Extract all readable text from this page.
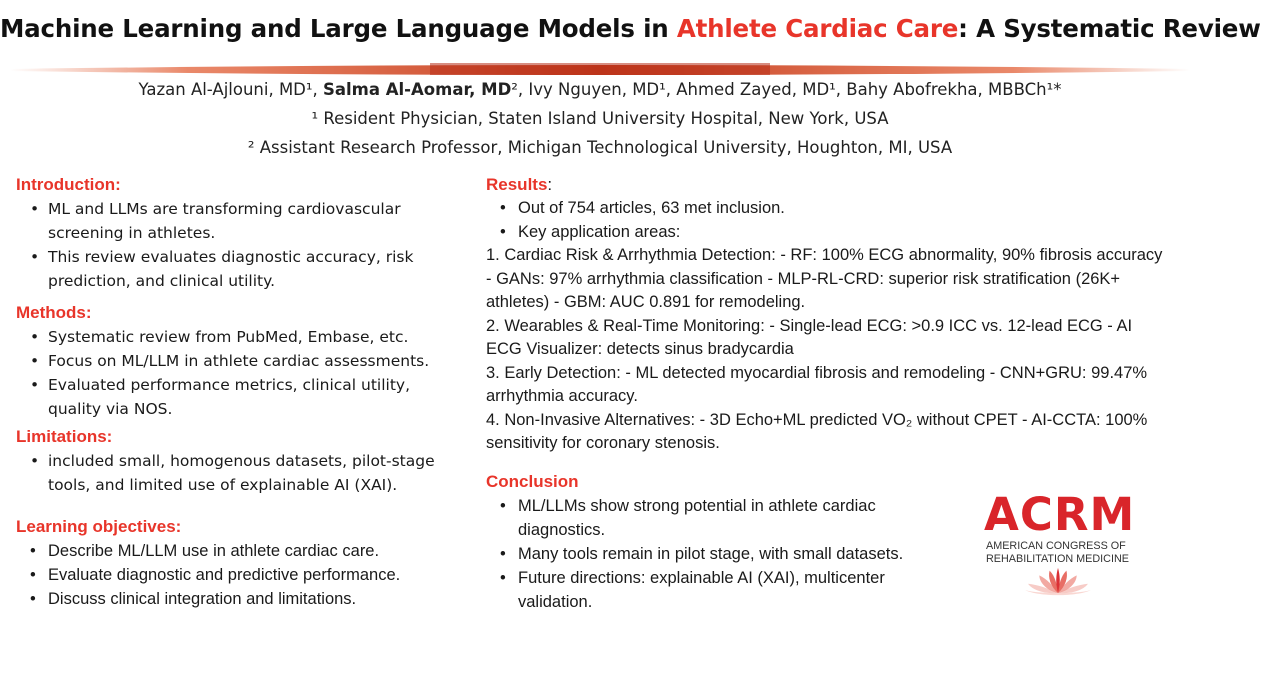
Machine Learning and Large Language Models in Athlete Cardiac Care: A Systematic Review
Yazan Al-Ajlouni, MD¹, Salma Al-Aomar, MD², Ivy Nguyen, MD¹, Ahmed Zayed, MD¹, Bahy Abofrekha, MBBCh¹*
¹ Resident Physician, Staten Island University Hospital, New York, USA
² Assistant Research Professor, Michigan Technological University, Houghton, MI, USA
Introduction:
• ML and LLMs are transforming cardiovascular screening in athletes.
• This review evaluates diagnostic accuracy, risk prediction, and clinical utility.
Methods:
• Systematic review from PubMed, Embase, etc.
• Focus on ML/LLM in athlete cardiac assessments.
• Evaluated performance metrics, clinical utility, quality via NOS.
Limitations:
• included small, homogenous datasets, pilot-stage tools, and limited use of explainable AI (XAI).
Learning objectives:
• Describe ML/LLM use in athlete cardiac care.
• Evaluate diagnostic and predictive performance.
• Discuss clinical integration and limitations.
Results:
• Out of 754 articles, 63 met inclusion.
• Key application areas:

1. Cardiac Risk & Arrhythmia Detection: - RF: 100% ECG abnormality, 90% fibrosis accuracy - GANs: 97% arrhythmia classification - MLP-RL-CRD: superior risk stratification (26K+ athletes) - GBM: AUC 0.891 for remodeling.

2. Wearables & Real-Time Monitoring: - Single-lead ECG: >0.9 ICC vs. 12-lead ECG - AI ECG Visualizer: detects sinus bradycardia

3. Early Detection: - ML detected myocardial fibrosis and remodeling - CNN+GRU: 99.47% arrhythmia accuracy.

4. Non-Invasive Alternatives: - 3D Echo+ML predicted VO₂ without CPET - AI-CCTA: 100% sensitivity for coronary stenosis.

Conclusion
• ML/LLMs show strong potential in athlete cardiac diagnostics.
• Many tools remain in pilot stage, with small datasets.
• Future directions: explainable AI (XAI), multicenter validation.
ACRM
AMERICAN CONGRESS OF
REHABILITATION MEDICINE
